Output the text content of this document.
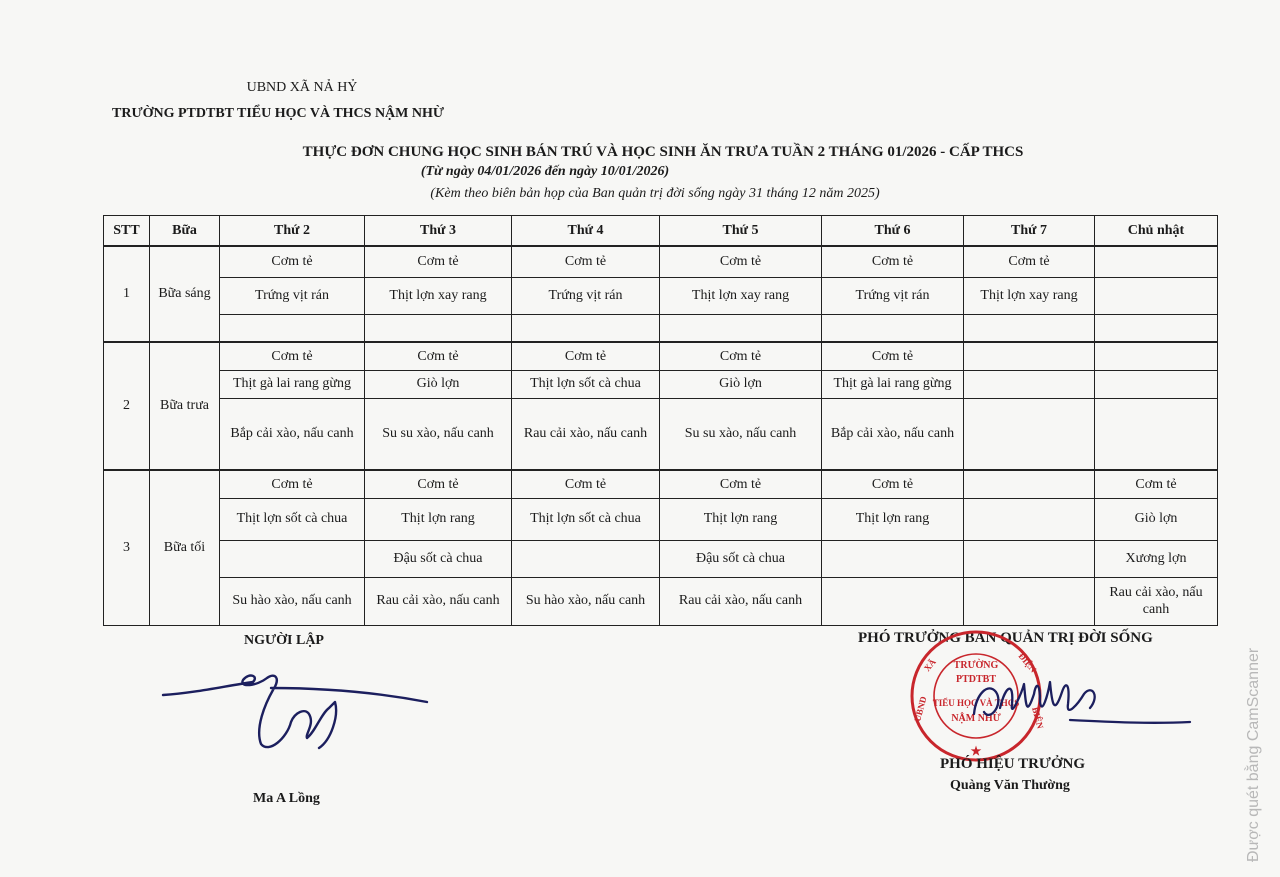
UBND XÃ NẢ HỶ
TRƯỜNG PTDTBT TIỂU HỌC VÀ THCS NẬM NHỪ
THỰC ĐƠN CHUNG HỌC SINH BÁN TRÚ VÀ HỌC SINH ĂN TRƯA TUẦN 2 THÁNG 01/2026 - CẤP THCS
(Từ ngày 04/01/2026 đến ngày 10/01/2026)
(Kèm theo biên bản họp của Ban quản trị đời sống ngày 31 tháng 12 năm 2025)
STT	Bữa	Thứ 2	Thứ 3	Thứ 4	Thứ 5	Thứ 6	Thứ 7	Chủ nhật
1	Bữa sáng	Cơm tẻ	Cơm tẻ	Cơm tẻ	Cơm tẻ	Cơm tẻ	Cơm tẻ	
		Trứng vịt rán	Thịt lợn xay rang	Trứng vịt rán	Thịt lợn xay rang	Trứng vịt rán	Thịt lợn xay rang	

2	Bữa trưa	Cơm tẻ	Cơm tẻ	Cơm tẻ	Cơm tẻ	Cơm tẻ		
		Thịt gà lai rang gừng	Giò lợn	Thịt lợn sốt cà chua	Giò lợn	Thịt gà lai rang gừng		
		Bắp cải xào, nấu canh	Su su xào, nấu canh	Rau cải xào, nấu canh	Su su xào, nấu canh	Bắp cải xào, nấu canh		
3	Bữa tối	Cơm tẻ	Cơm tẻ	Cơm tẻ	Cơm tẻ	Cơm tẻ		Cơm tẻ
		Thịt lợn sốt cà chua	Thịt lợn rang	Thịt lợn sốt cà chua	Thịt lợn rang	Thịt lợn rang		Giò lợn
			Đậu sốt cà chua		Đậu sốt cà chua			Xương lợn
		Su hào xào, nấu canh	Rau cải xào, nấu canh	Su hào xào, nấu canh	Rau cải xào, nấu canh			Rau cải xào, nấu canh
NGƯỜI LẬP
Ma A Lồng
PHÓ TRƯỞNG BAN QUẢN TRỊ ĐỜI SỐNG
TRƯỜNG
PTDTBT
TIỂU HỌC VÀ THCS
NẬM NHỪ
★
UBND
XÃ	ĐIỆN
BIÊN
PHÓ HIỆU TRƯỞNG
Quàng Văn Thường	Được quét bằng CamScanner
